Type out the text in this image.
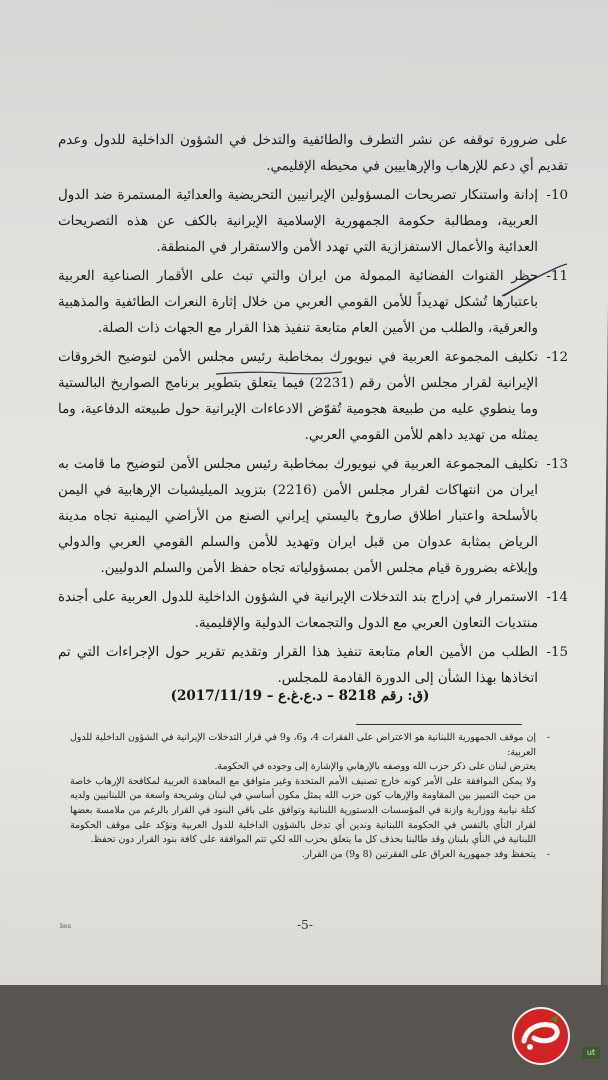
على ضرورة توقفه عن نشر التطرف والطائفية والتدخل في الشؤون الداخلية للدول وعدم تقديم أي دعم للإرهاب والإرهابيين في محيطه الإقليمي.

10-
إدانة واستنكار تصريحات المسؤولين الإيرانيين التحريضية والعدائية المستمرة ضد الدول العربية، ومطالبة حكومة الجمهورية الإسلامية الإيرانية بالكف عن هذه التصريحات العدائية والأعمال الاستفزازية التي تهدد الأمن والاستقرار في المنطقة.
11-
حظر القنوات الفضائية الممولة من ايران والتي تبث على الأقمار الصناعية العربية باعتبارها تُشكل تهديداً للأمن القومي العربي من خلال إثارة النعرات الطائفية والمذهبية والعرقية، والطلب من الأمين العام متابعة تنفيذ هذا القرار مع الجهات ذات الصلة.
12-
تكليف المجموعة العربية في نيويورك بمخاطبة رئيس مجلس الأمن لتوضيح الخروقات الإيرانية لقرار مجلس الأمن رقم (2231) فيما يتعلق بتطوير برنامج الصواريخ البالستية وما ينطوي عليه من طبيعة هجومية تُقوّض الادعاءات الإيرانية حول طبيعته الدفاعية، وما يمثله من تهديد داهم للأمن القومي العربي.
13-
تكليف المجموعة العربية في نيويورك بمخاطبة رئيس مجلس الأمن لتوضيح ما قامت به ايران من انتهاكات لقرار مجلس الأمن (2216) بتزويد الميليشيات الإرهابية في اليمن بالأسلحة واعتبار اطلاق صاروخ باليستي إيراني الصنع من الأراضي اليمنية تجاه مدينة الرياض بمثابة عدوان من قبل ايران وتهديد للأمن والسلم القومي العربي والدولي وإبلاغه بضرورة قيام مجلس الأمن بمسؤولياته تجاه حفظ الأمن والسلم الدوليين.
14-
الاستمرار في إدراج بند التدخلات الإيرانية في الشؤون الداخلية للدول العربية على أجندة منتديات التعاون العربي مع الدول والتجمعات الدولية والإقليمية.
15-
الطلب من الأمين العام متابعة تنفيذ هذا القرار وتقديم تقرير حول الإجراءات التي تم اتخاذها بهذا الشأن إلى الدورة القادمة للمجلس.
(ق: رقم 8218 – د.ع.غ.ع – 2017/11/19)
-
إن موقف الجمهورية اللبنانية هو الاعتراض على الفقرات 4، و6، و9 في قرار التدخلات الإيرانية في الشؤون الداخلية للدول العربية:

يعترض لبنان على ذكر حزب الله ووصفه بالإرهابي والإشارة إلى وجوده في الحكومة.

ولا يمكن الموافقة على الأمر كونه خارج تصنيف الأمم المتحدة وغير متوافق مع المعاهدة العربية لمكافحة الإرهاب خاصة من حيث التمييز بين المقاومة والإرهاب كون حزب الله يمثل مكون أساسي في لبنان وشريحة واسعة من اللبنانيين ولديه كتلة نيابية ووزارية وازنة في المؤسسات الدستورية اللبنانية وتوافق على باقي البنود في القرار بالرغم من ملامسة بعضها لقرار النأي بالنفس في الحكومة اللبنانية وندين أي تدخل بالشؤون الداخلية للدول العربية ونؤكد على موقف الحكومة اللبنانية في النأي بلبنان وقد طالبنا بحذف كل ما يتعلق بحزب الله لكي تتم الموافقة على كافة بنود القرار دون تحفظ.

-
يتحفظ وفد جمهورية العراق على الفقرتين (8 و9) من القرار.
-5-
bea
ut
